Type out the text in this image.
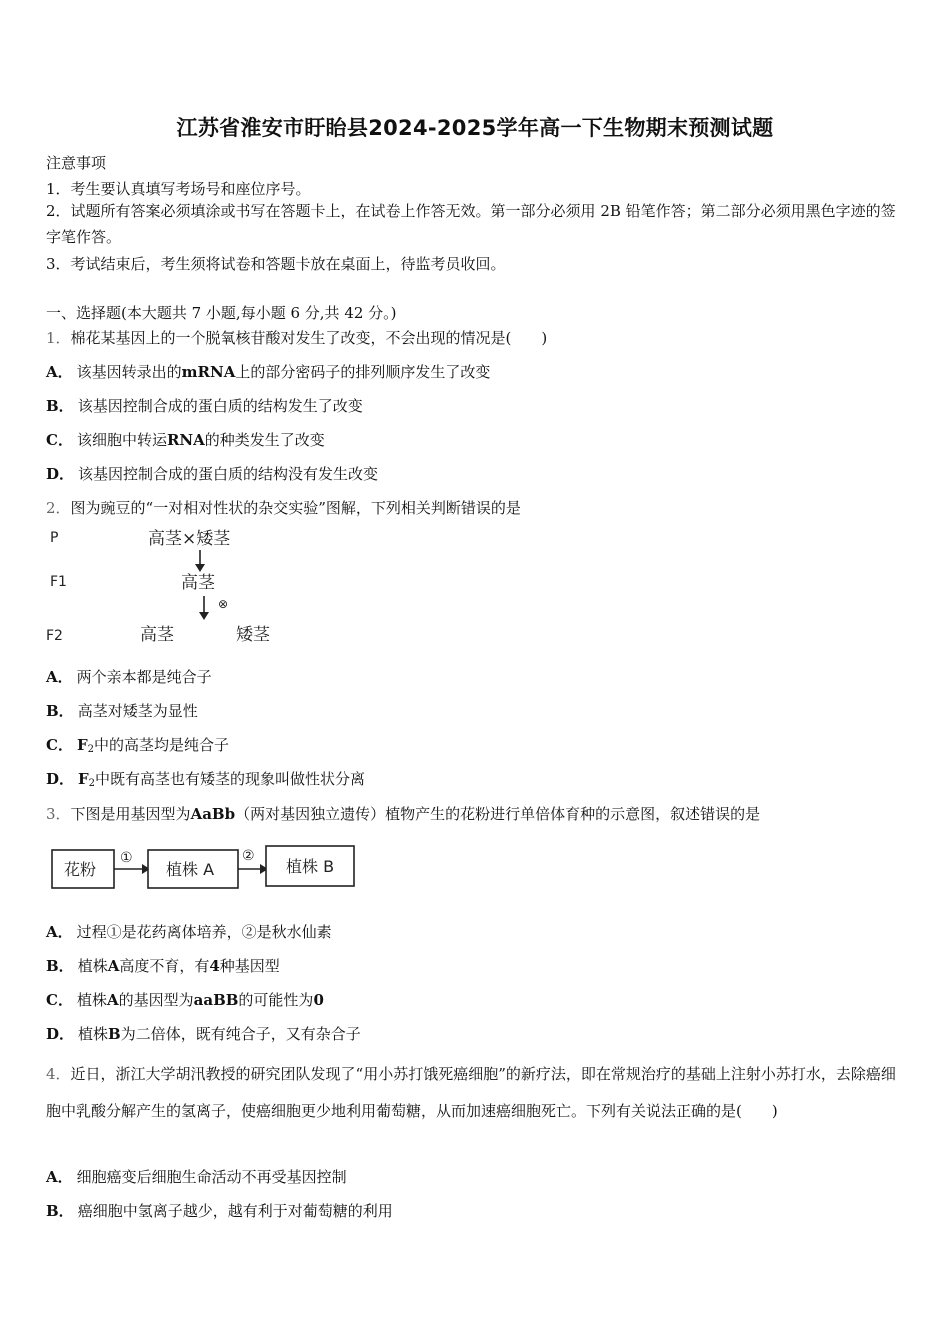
江苏省淮安市盱眙县2024-2025学年高一下生物期末预测试题
注意事项
1．考生要认真填写考场号和座位序号。
2．试题所有答案必须填涂或书写在答题卡上，在试卷上作答无效。第一部分必须用 2B 铅笔作答；第二部分必须用黑色字迹的签字笔作答。
3．考试结束后，考生须将试卷和答题卡放在桌面上，待监考员收回。
一、选择题(本大题共 7 小题,每小题 6 分,共 42 分。)
1．棉花某基因上的一个脱氧核苷酸对发生了改变，不会出现的情况是(　　)
A． 该基因转录出的mRNA上的部分密码子的排列顺序发生了改变
B． 该基因控制合成的蛋白质的结构发生了改变
C． 该细胞中转运RNA的种类发生了改变
D． 该基因控制合成的蛋白质的结构没有发生改变
2．图为豌豆的“一对相对性状的杂交实验”图解，下列相关判断错误的是
P
F1
F2
高茎×矮茎
高茎
⊗
高茎	矮茎
A． 两个亲本都是纯合子
B． 高茎对矮茎为显性
C． $F_2$中的高茎均是纯合子
D． $F_2$中既有高茎也有矮茎的现象叫做性状分离
3．下图是用基因型为AaBb（两对基因独立遗传）植物产生的花粉进行单倍体育种的示意图，叙述错误的是
花粉
①
植株 A
②
植株 B
A． 过程①是花药离体培养，②是秋水仙素
B． 植株A高度不育，有4种基因型
C． 植株A的基因型为aaBB的可能性为0
D． 植株B为二倍体，既有纯合子，又有杂合子
4．近日，浙江大学胡汛教授的研究团队发现了“用小苏打饿死癌细胞”的新疗法，即在常规治疗的基础上注射小苏打水，去除癌细胞中乳酸分解产生的氢离子，使癌细胞更少地利用葡萄糖，从而加速癌细胞死亡。下列有关说法正确的是(　　)
A． 细胞癌变后细胞生命活动不再受基因控制
B． 癌细胞中氢离子越少，越有利于对葡萄糖的利用
